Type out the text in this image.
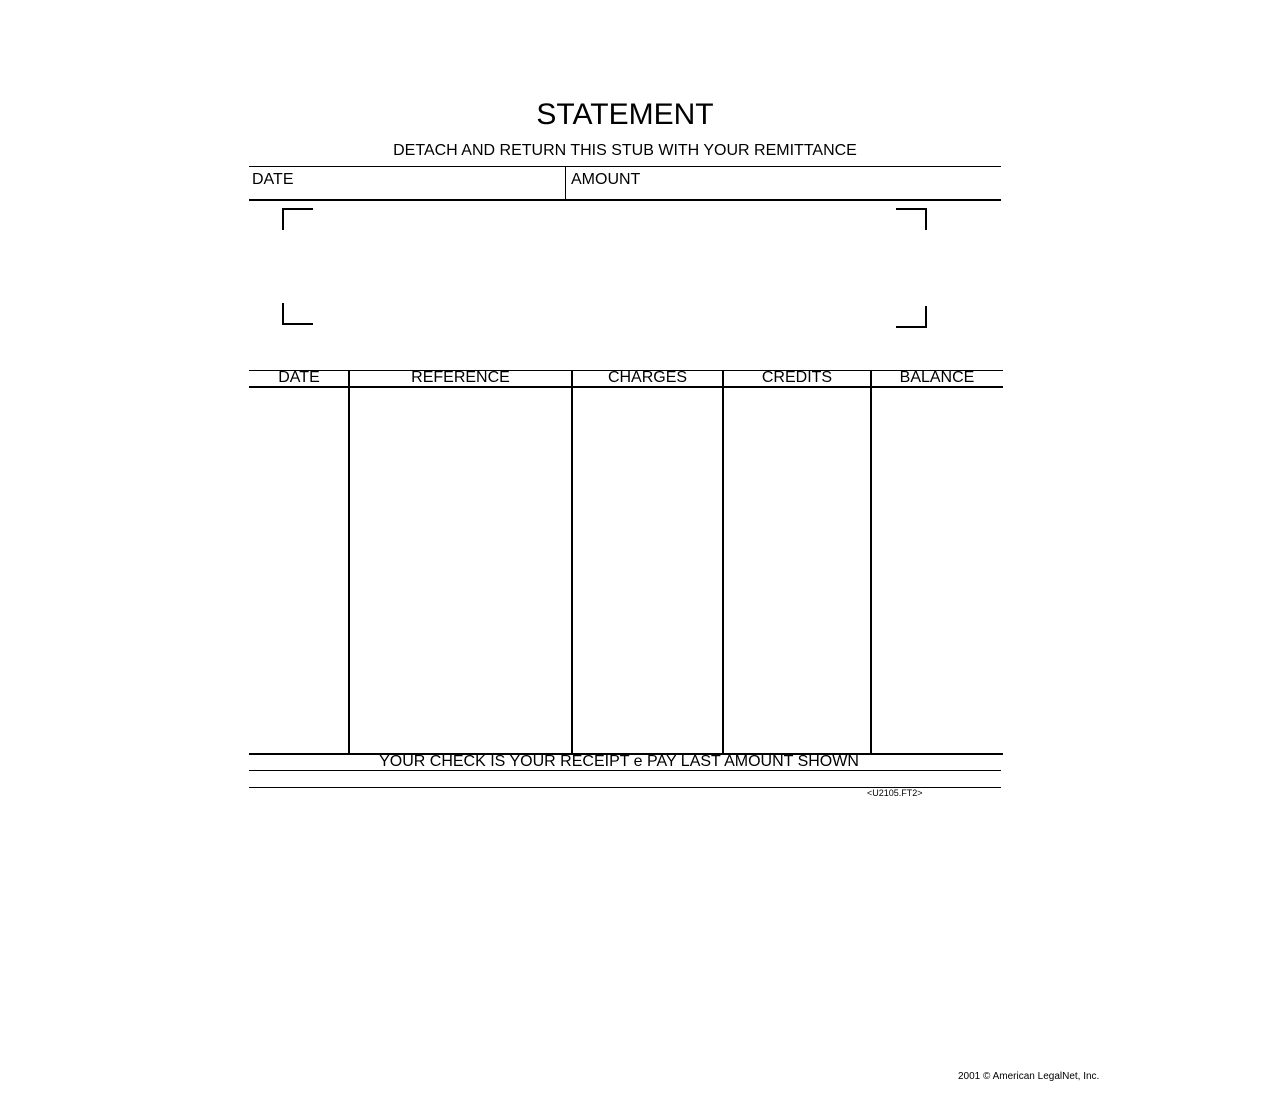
STATEMENT
DETACH AND RETURN THIS STUB WITH YOUR REMITTANCE
DATE	AMOUNT
DATE	REFERENCE	CHARGES	CREDITS	BALANCE
YOUR CHECK IS YOUR RECEIPT e PAY LAST AMOUNT SHOWN
<U2105.FT2>
2001 © American LegalNet, Inc.
